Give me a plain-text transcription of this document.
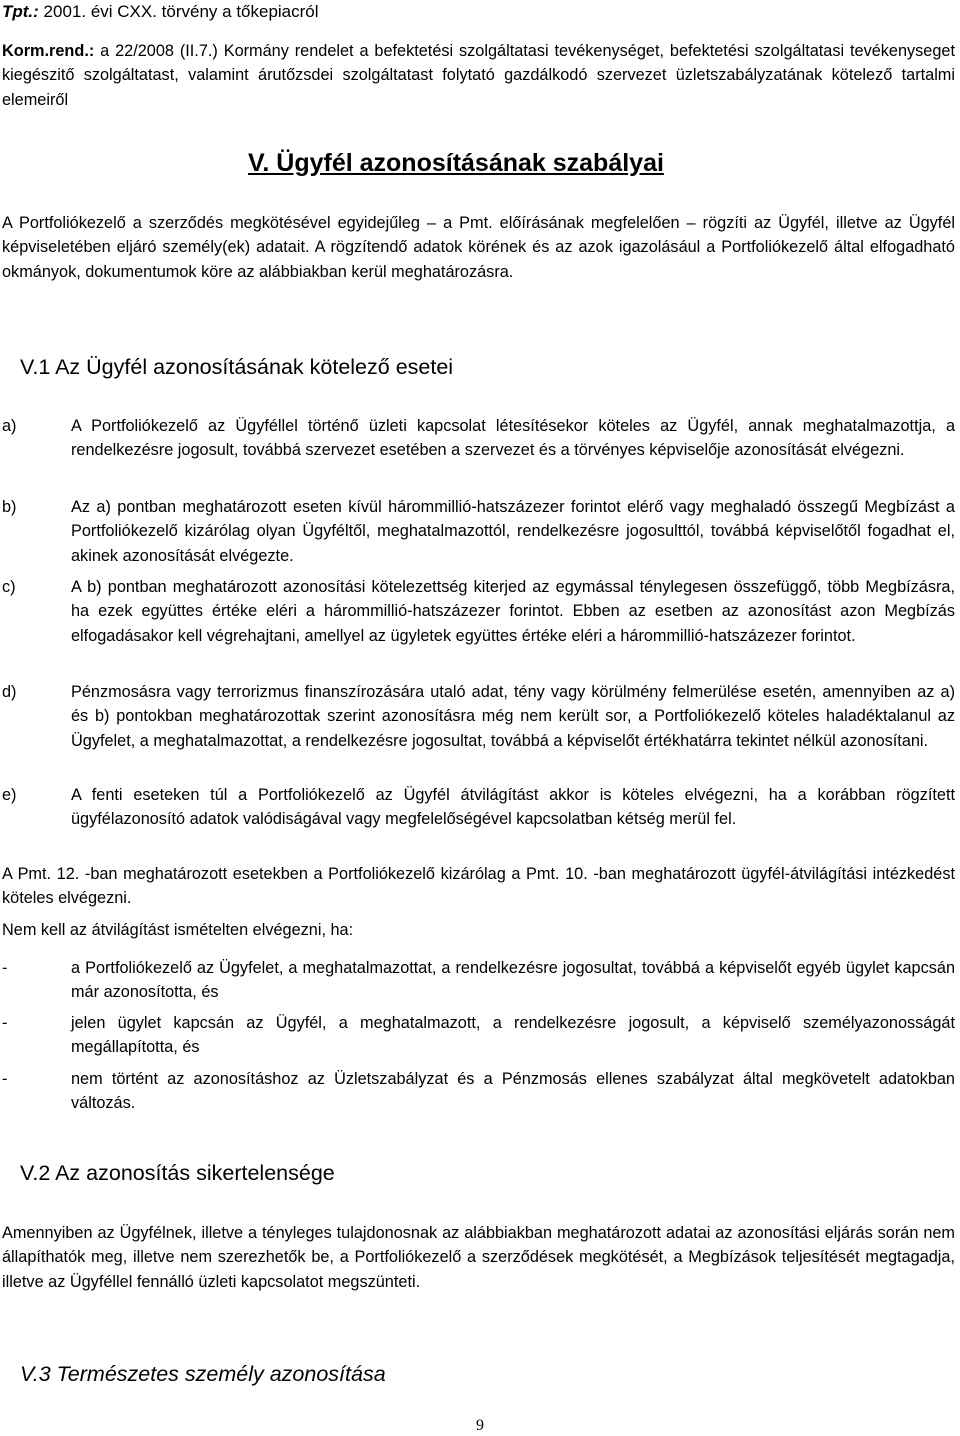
Tpt.: 2001. évi CXX. törvény a tőkepiacról

Korm.rend.: a 22/2008 (II.7.) Kormány rendelet a befektetési szolgáltatasi tevékenységet, befektetési szolgáltatasi tevékenyseget kiegészitő szolgáltatast, valamint árutőzsdei szolgáltatast folytató gazdálkodó szervezet üzletszabályzatának kötelező tartalmi elemeiről

V. Ügyfél azonosításának szabályai

A Portfoliókezelő a szerződés megkötésével egyidejűleg – a Pmt. előírásának megfelelően – rögzíti az Ügyfél, illetve az Ügyfél képviseletében eljáró személy(ek) adatait. A rögzítendő adatok körének és az azok igazolásául a Portfoliókezelő által elfogadható okmányok, dokumentumok köre az alábbiakban kerül meghatározásra.

V.1 Az Ügyfél azonosításának kötelező esetei
a)	A Portfoliókezelő az Ügyféllel történő üzleti kapcsolat létesítésekor köteles az Ügyfél, annak meghatalmazottja, a rendelkezésre jogosult, továbbá szervezet esetében a szervezet és a törvényes képviselője azonosítását elvégezni.

b)	Az a) pontban meghatározott eseten kívül hárommillió-hatszázezer forintot elérő vagy meghaladó összegű Megbízást a Portfoliókezelő kizárólag olyan Ügyféltől, meghatalmazottól, rendelkezésre jogosulttól, továbbá képviselőtől fogadhat el, akinek azonosítását elvégezte.

c)	A b) pontban meghatározott azonosítási kötelezettség kiterjed az egymással ténylegesen összefüggő, több Megbízásra, ha ezek együttes értéke eléri a hárommillió-hatszázezer forintot. Ebben az esetben az azonosítást azon Megbízás elfogadásakor kell végrehajtani, amellyel az ügyletek együttes értéke eléri a hárommillió-hatszázezer forintot.

d)	Pénzmosásra vagy terrorizmus finanszírozására utaló adat, tény vagy körülmény felmerülése esetén, amennyiben az a) és b) pontokban meghatározottak szerint azonosításra még nem került sor, a Portfoliókezelő köteles haladéktalanul az Ügyfelet, a meghatalmazottat, a rendelkezésre jogosultat, továbbá a képviselőt értékhatárra tekintet nélkül azonosítani.

e)	A fenti eseteken túl a Portfoliókezelő az Ügyfél átvilágítást akkor is köteles elvégezni, ha a korábban rögzített ügyfélazonosító adatok valódiságával vagy megfelelőségével kapcsolatban kétség merül fel.

A Pmt. 12. -ban meghatározott esetekben a Portfoliókezelő kizárólag a Pmt. 10. -ban meghatározott ügyfél-átvilágítási intézkedést köteles elvégezni.

Nem kell az átvilágítást ismételten elvégezni, ha:

-	a Portfoliókezelő az Ügyfelet, a meghatalmazottat, a rendelkezésre jogosultat, továbbá a képviselőt egyéb ügylet kapcsán már azonosította, és

-	jelen ügylet kapcsán az Ügyfél, a meghatalmazott, a rendelkezésre jogosult, a képviselő személyazonosságát megállapította, és

-	nem történt az azonosításhoz az Üzletszabályzat és a Pénzmosás ellenes szabályzat által megkövetelt adatokban változás.

V.2 Az azonosítás sikertelensége

Amennyiben az Ügyfélnek, illetve a tényleges tulajdonosnak az alábbiakban meghatározott adatai az azonosítási eljárás során nem állapíthatók meg, illetve nem szerezhetők be, a Portfoliókezelő a szerződések megkötését, a Megbízások teljesítését megtagadja, illetve az Ügyféllel fennálló üzleti kapcsolatot megszünteti.

V.3 Természetes személy azonosítása
9
